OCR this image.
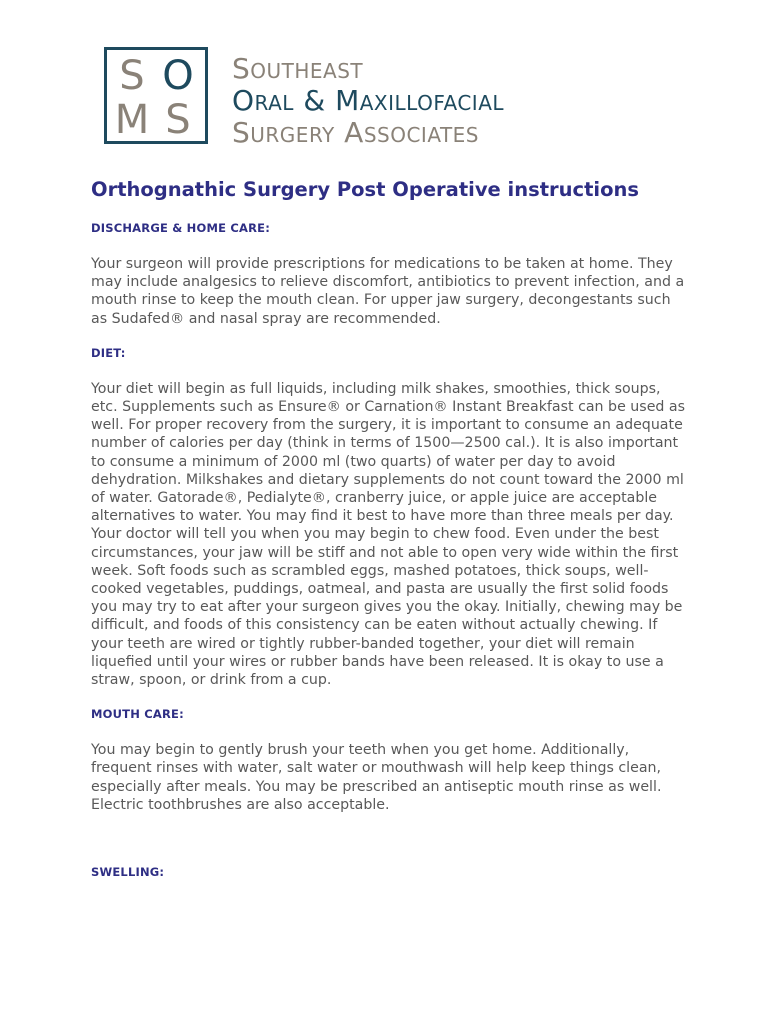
S O
M S
Southeast
Oral & Maxillofacial
Surgery Associates
Orthognathic Surgery Post Operative instructions
DISCHARGE & HOME CARE:

Your surgeon will provide prescriptions for medications to be taken at home. They may include analgesics to relieve discomfort, antibiotics to prevent infection, and a mouth rinse to keep the mouth clean. For upper jaw surgery, decongestants such as Sudafed® and nasal spray are recommended.

DIET:

Your diet will begin as full liquids, including milk shakes, smoothies, thick soups, etc. Supplements such as Ensure® or Carnation® Instant Breakfast can be used as well. For proper recovery from the surgery, it is important to consume an adequate number of calories per day (think in terms of 1500—2500 cal.). It is also important to consume a minimum of 2000 ml (two quarts) of water per day to avoid dehydration. Milkshakes and dietary supplements do not count toward the 2000 ml of water. Gatorade®, Pedialyte®, cranberry juice, or apple juice are acceptable alternatives to water. You may find it best to have more than three meals per day. Your doctor will tell you when you may begin to chew food. Even under the best circumstances, your jaw will be stiff and not able to open very wide within the first week. Soft foods such as scrambled eggs, mashed potatoes, thick soups, well-cooked vegetables, puddings, oatmeal, and pasta are usually the first solid foods you may try to eat after your surgeon gives you the okay. Initially, chewing may be difficult, and foods of this consistency can be eaten without actually chewing. If your teeth are wired or tightly rubber-banded together, your diet will remain liquefied until your wires or rubber bands have been released. It is okay to use a straw, spoon, or drink from a cup.

MOUTH CARE:

You may begin to gently brush your teeth when you get home. Additionally, frequent rinses with water, salt water or mouthwash will help keep things clean, especially after meals. You may be prescribed an antiseptic mouth rinse as well. Electric toothbrushes are also acceptable.

SWELLING:
